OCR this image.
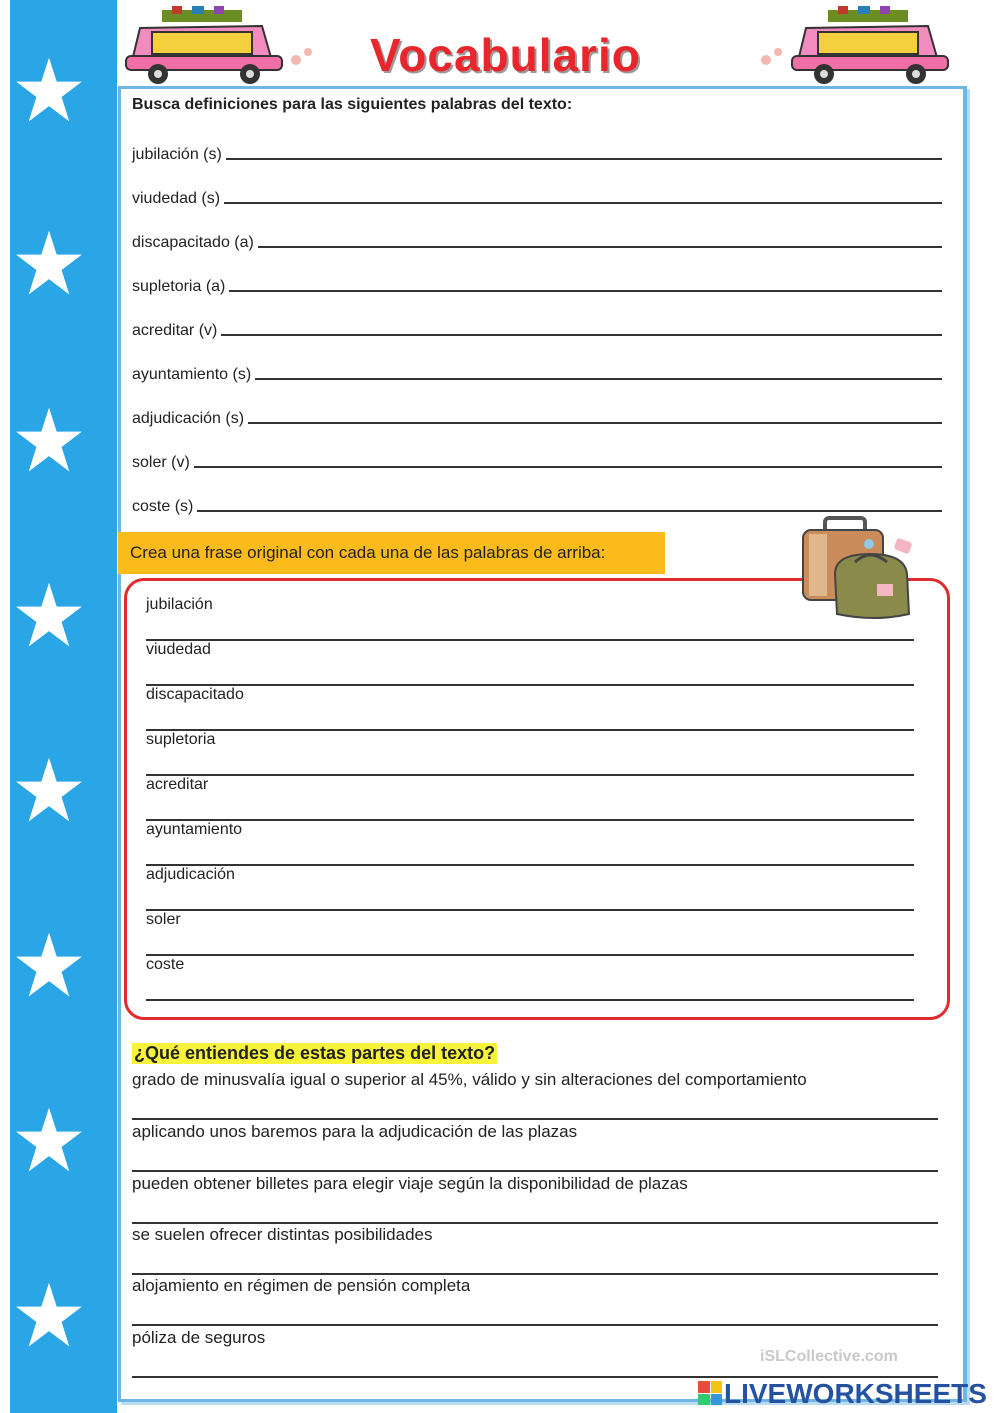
Vocabulario
Busca definiciones para las siguientes palabras del texto:
jubilación (s)
viudedad (s)
discapacitado (a)
supletoria (a)
acreditar (v)
ayuntamiento (s)
adjudicación (s)
soler (v)
coste (s)
Crea una frase original con cada una de las palabras de arriba:
jubilación
viudedad
discapacitado
supletoria
acreditar
ayuntamiento
adjudicación
soler
coste
¿Qué entiendes de estas partes del texto?
grado de minusvalía igual o superior al 45%, válido y sin alteraciones del comportamiento
aplicando unos baremos para la adjudicación de las plazas
pueden obtener billetes para elegir viaje según la disponibilidad de plazas
se suelen ofrecer distintas posibilidades
alojamiento en régimen de pensión completa
póliza de seguros
iSLCollective.com
LIVEWORKSHEETS
